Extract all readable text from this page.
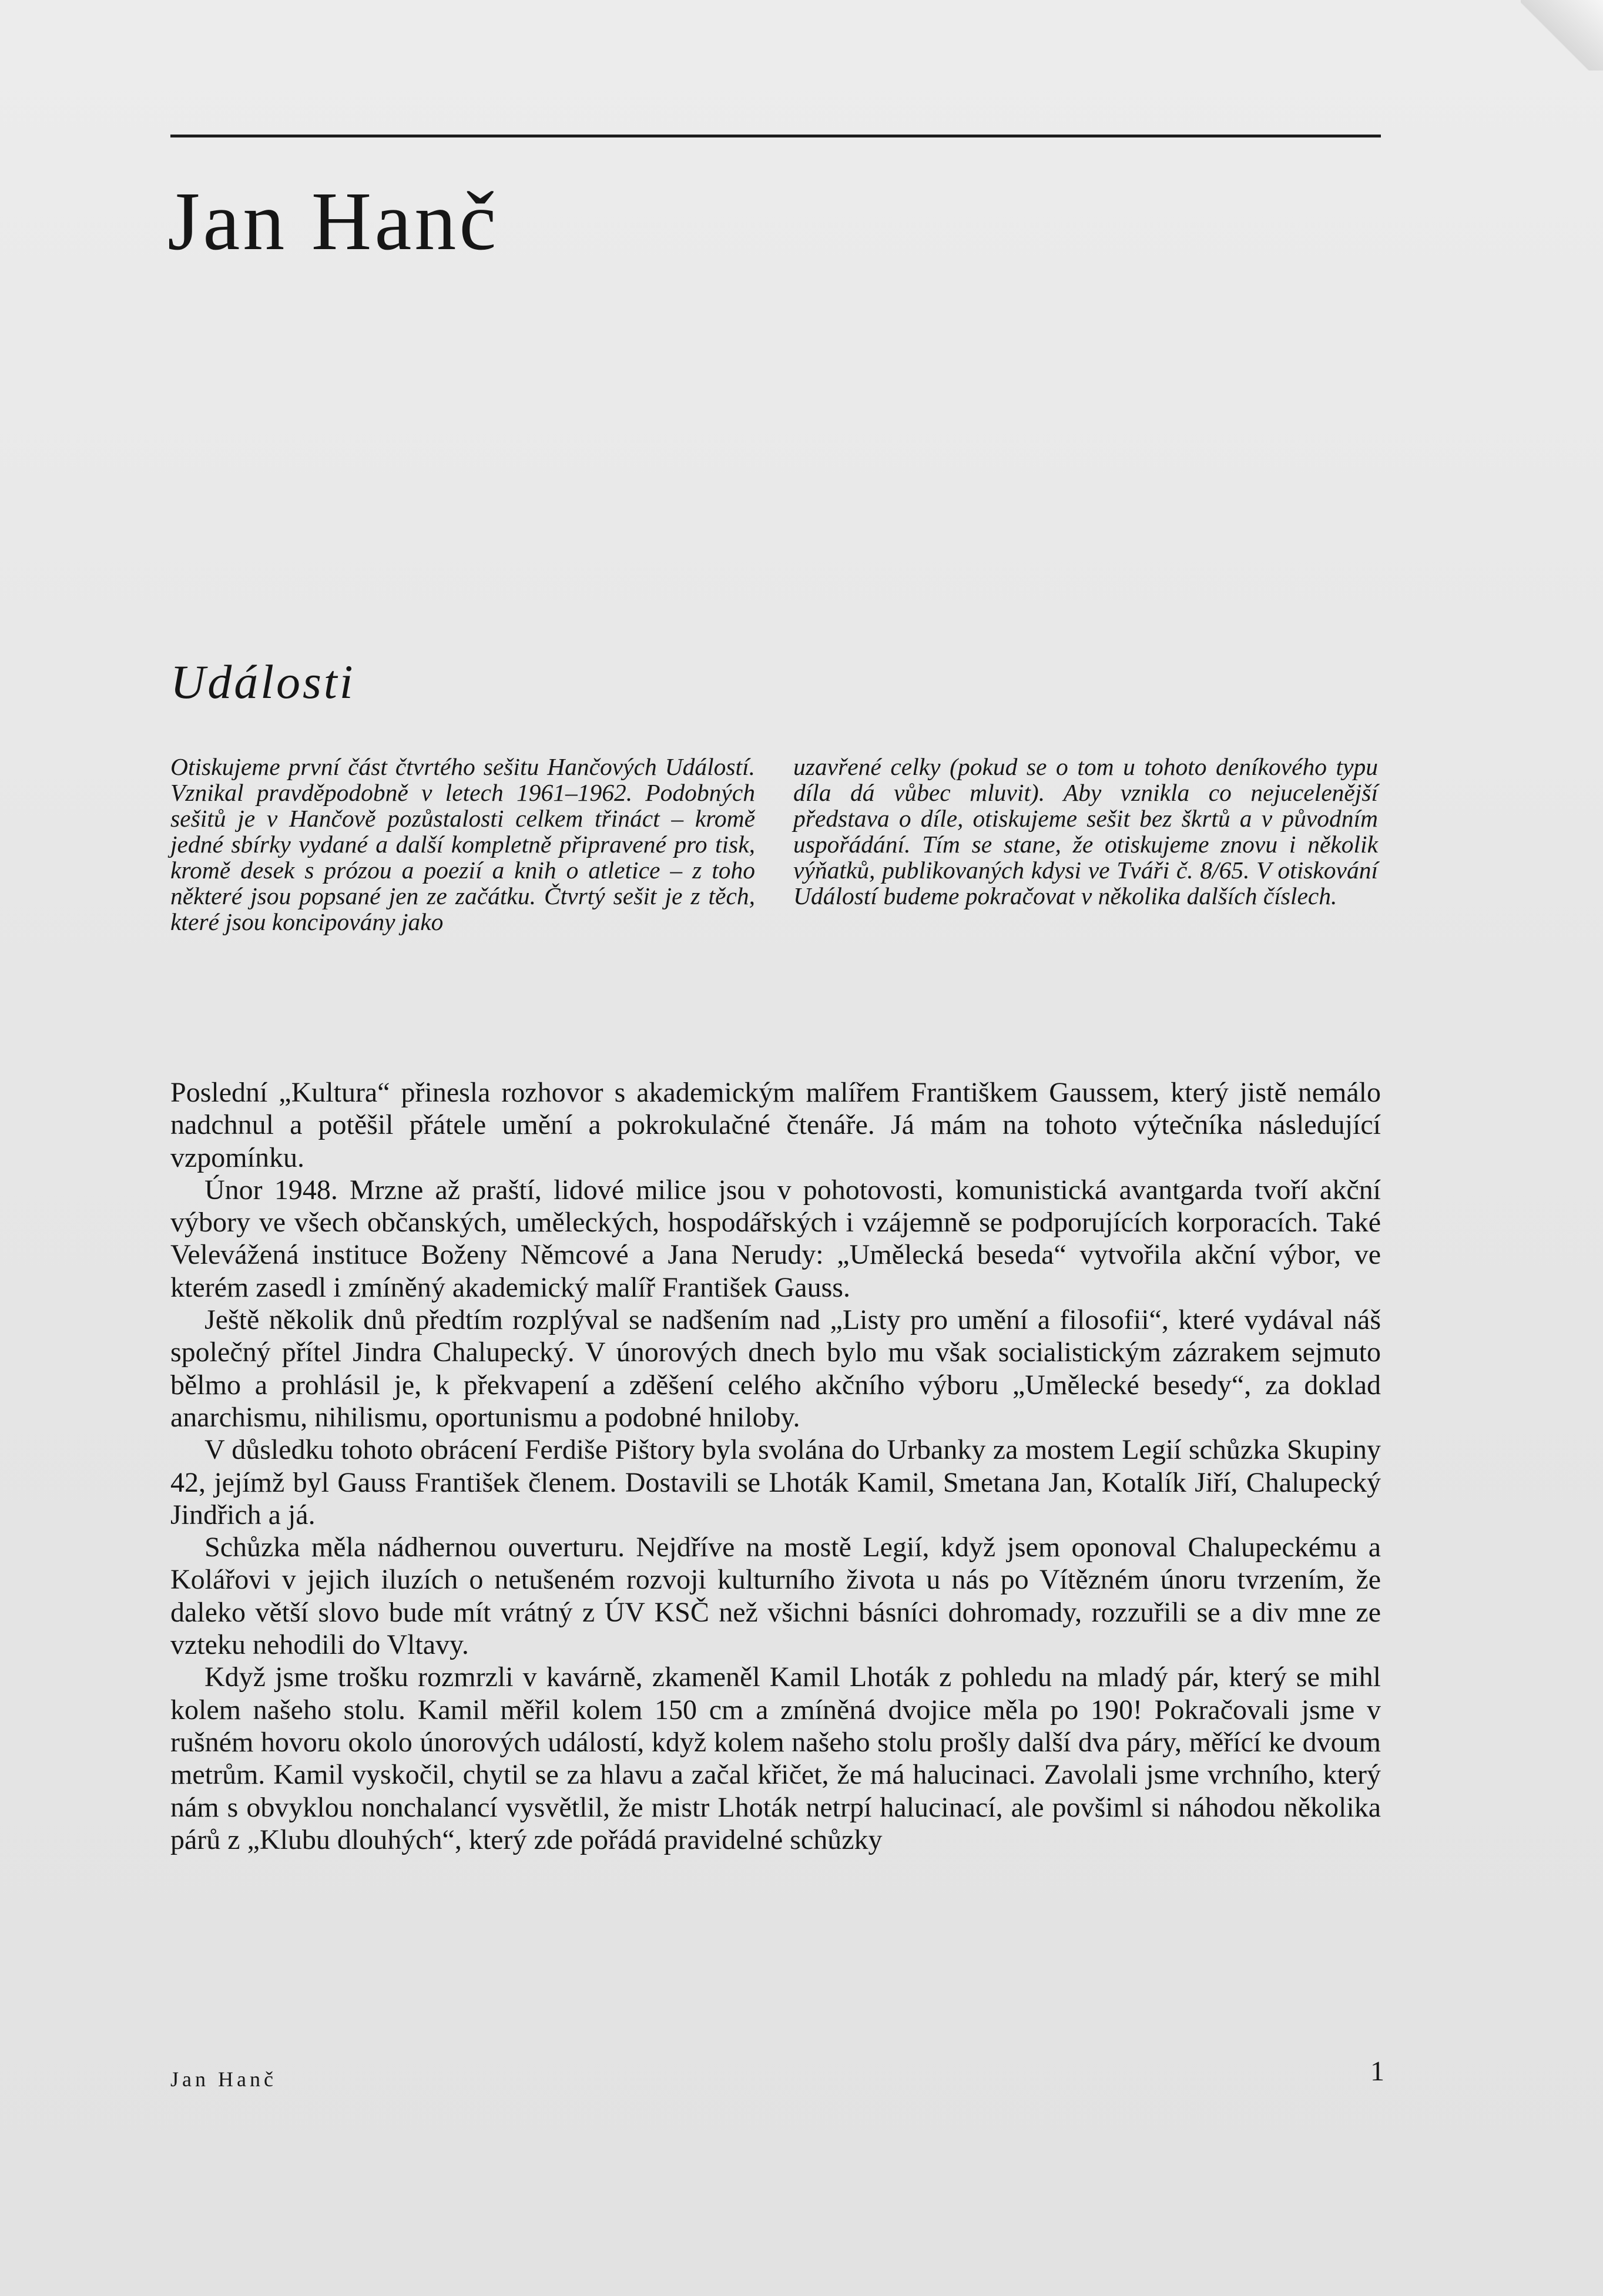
Jan Hanč
Události

Otiskujeme první část čtvrtého sešitu Hančových Událostí. Vznikal pravděpodobně v letech 1961–1962. Podobných sešitů je v Hančově pozůstalosti celkem třináct – kromě jedné sbírky vydané a další kompletně připravené pro tisk, kromě desek s prózou a poezií a knih o atletice – z toho některé jsou popsané jen ze začátku. Čtvrtý sešit je z těch, které jsou koncipovány jako

uzavřené celky (pokud se o tom u tohoto deníkového typu díla dá vůbec mluvit). Aby vznikla co nejucelenější představa o díle, otiskujeme sešit bez škrtů a v původním uspořádání. Tím se stane, že otiskujeme znovu i několik výňatků, publikovaných kdysi ve Tváři č. 8/65. V otiskování Událostí budeme pokračovat v několika dalších číslech.

Poslední „Kultura“ přinesla rozhovor s akademickým malířem Františkem Gaussem, který jistě nemálo nadchnul a potěšil přátele umění a pokrokulačné čtenáře. Já mám na tohoto výtečníka následující vzpomínku.

Únor 1948. Mrzne až praští, lidové milice jsou v pohotovosti, komunistická avantgarda tvoří akční výbory ve všech občanských, uměleckých, hospodářských i vzájemně se podporujících korporacích. Také Velevážená instituce Boženy Němcové a Jana Nerudy: „Umělecká beseda“ vytvořila akční výbor, ve kterém zasedl i zmíněný akademický malíř František Gauss.

Ještě několik dnů předtím rozplýval se nadšením nad „Listy pro umění a filosofii“, které vydával náš společný přítel Jindra Chalupecký. V únorových dnech bylo mu však socialistickým zázrakem sejmuto bělmo a prohlásil je, k překvapení a zděšení celého akčního výboru „Umělecké besedy“, za doklad anarchismu, nihilismu, oportunismu a podobné hniloby.

V důsledku tohoto obrácení Ferdiše Pištory byla svolána do Urbanky za mostem Legií schůzka Skupiny 42, jejímž byl Gauss František členem. Dostavili se Lhoták Kamil, Smetana Jan, Kotalík Jiří, Chalupecký Jindřich a já.

Schůzka měla nádhernou ouverturu. Nejdříve na mostě Legií, když jsem oponoval Chalupeckému a Kolářovi v jejich iluzích o netušeném rozvoji kulturního života u nás po Vítězném únoru tvrzením, že daleko větší slovo bude mít vrátný z ÚV KSČ než všichni básníci dohromady, rozzuřili se a div mne ze vzteku nehodili do Vltavy.

Když jsme trošku rozmrzli v kavárně, zkameněl Kamil Lhoták z pohledu na mladý pár, který se mihl kolem našeho stolu. Kamil měřil kolem 150 cm a zmíněná dvojice měla po 190! Pokračovali jsme v rušném hovoru okolo únorových událostí, když kolem našeho stolu prošly další dva páry, měřící ke dvoum metrům. Kamil vyskočil, chytil se za hlavu a začal křičet, že má halucinaci. Zavolali jsme vrchního, který nám s obvyklou nonchalancí vysvětlil, že mistr Lhoták netrpí halucinací, ale povšiml si náhodou několika párů z „Klubu dlouhých“, který zde pořádá pravidelné schůzky

Jan Hanč	1
